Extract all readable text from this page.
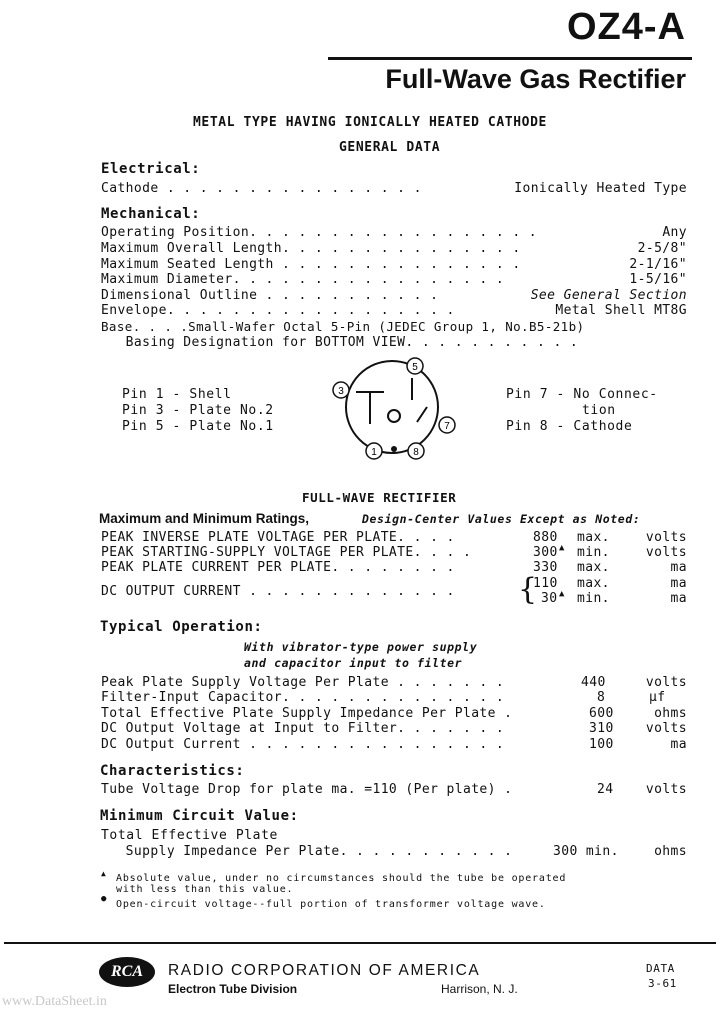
OZ4-A
Full-Wave Gas Rectifier
METAL TYPE HAVING IONICALLY HEATED CATHODE
GENERAL DATA
Electrical:
Cathode . . . . . . . . . . . . . . . .	Ionically Heated Type
Mechanical:
Operating Position. . . . . . . . . . . . . . . . . .	Any
Maximum Overall Length. . . . . . . . . . . . . . .	2-5/8"
Maximum Seated Length . . . . . . . . . . . . . . .	2-1/16"
Maximum Diameter. . . . . . . . . . . . . . . . .	1-5/16"
Dimensional Outline . . . . . . . . . . .	See General Section
Envelope. . . . . . . . . . . . . . . . . .	Metal Shell MT8G
Base. . . .Small-Wafer Octal 5-Pin (JEDEC Group 1, No.B5-21b)
Basing Designation for BOTTOM VIEW. . . . . . . . . . .
Pin 1 - Shell
Pin 3 - Plate No.2
Pin 5 - Plate No.1
Pin 7 - No Connec-
tion
Pin 8 - Cathode
3
5
7
1	8
FULL-WAVE RECTIFIER
Maximum and Minimum Ratings,	Design-Center Values Except as Noted:
PEAK INVERSE PLATE VOLTAGE PER PLATE. . . .	880 max.	volts
PEAK STARTING-SUPPLY VOLTAGE PER PLATE. . . .	300 ▲ min.	volts
PEAK PLATE CURRENT PER PLATE. . . . . . . .	330 max.	ma
DC OUTPUT CURRENT . . . . . . . . . . . . . {
110 max.	ma
30 ▲ min.	ma
Typical Operation:
With vibrator-type power supply
and capacitor input to filter
Peak Plate Supply Voltage Per Plate . . . . . . .	440	volts
Filter-Input Capacitor. . . . . . . . . . . . . .	8	µf
Total Effective Plate Supply Impedance Per Plate .	600	ohms
DC Output Voltage at Input to Filter. . . . . . .	310 volts
DC Output Current . . . . . . . . . . . . . . . .	100	ma
Characteristics:
Tube Voltage Drop for plate ma. =110 (Per plate) .	24 volts
Minimum Circuit Value:
Total Effective Plate
Supply Impedance Per Plate. . . . . . . . . . .	300 min.	ohms
▲ Absolute value, under no circumstances should the tube be operated
with less than this value.
● Open-circuit voltage--full portion of transformer voltage wave.
RCA	RADIO CORPORATION OF AMERICA
Electron Tube Division	Harrison, N. J.
DATA
3-61
www.DataSheet.in
